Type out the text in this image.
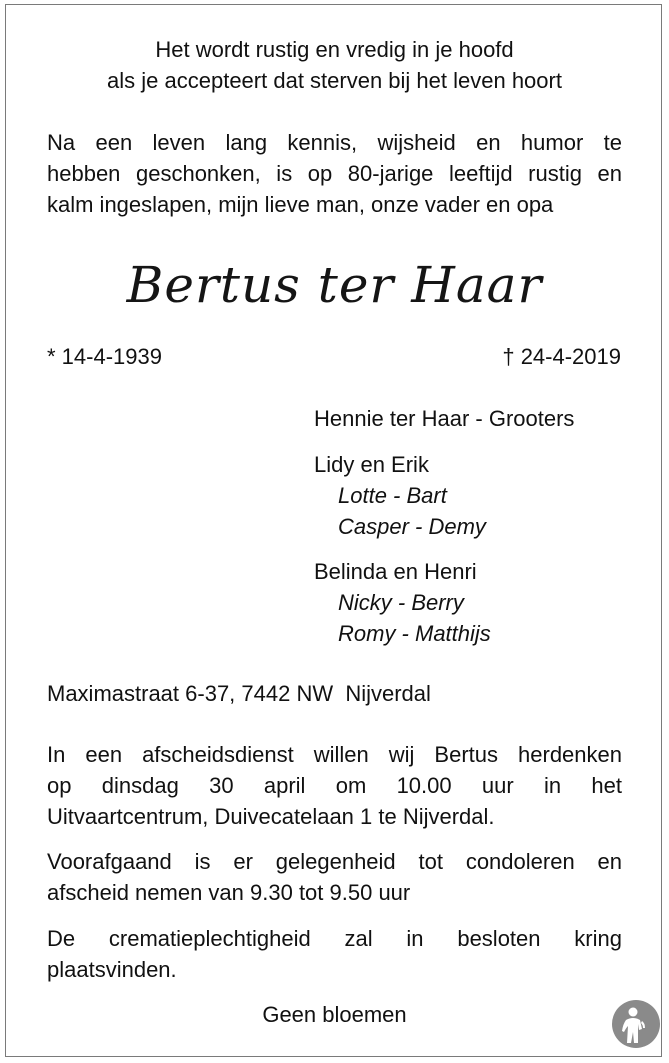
Het wordt rustig en vredig in je hoofd
als je accepteert dat sterven bij het leven hoort
Na een leven lang kennis, wijsheid en humor te
hebben geschonken, is op 80-jarige leeftijd rustig en
kalm ingeslapen, mijn lieve man, onze vader en opa
Bertus ter Haar
* 14-4-1939	† 24-4-2019
Hennie ter Haar - Grooters
Lidy en Erik
Lotte - Bart
Casper - Demy
Belinda en Henri
Nicky - Berry
Romy - Matthijs
Maximastraat 6-37, 7442 NW  Nijverdal
In een afscheidsdienst willen wij Bertus herdenken
op dinsdag 30 april om 10.00 uur in het
Uitvaartcentrum, Duivecatelaan 1 te Nijverdal.
Voorafgaand is er gelegenheid tot condoleren en
afscheid nemen van 9.30 tot 9.50 uur
De crematieplechtigheid zal in besloten kring
plaatsvinden.
Geen bloemen
